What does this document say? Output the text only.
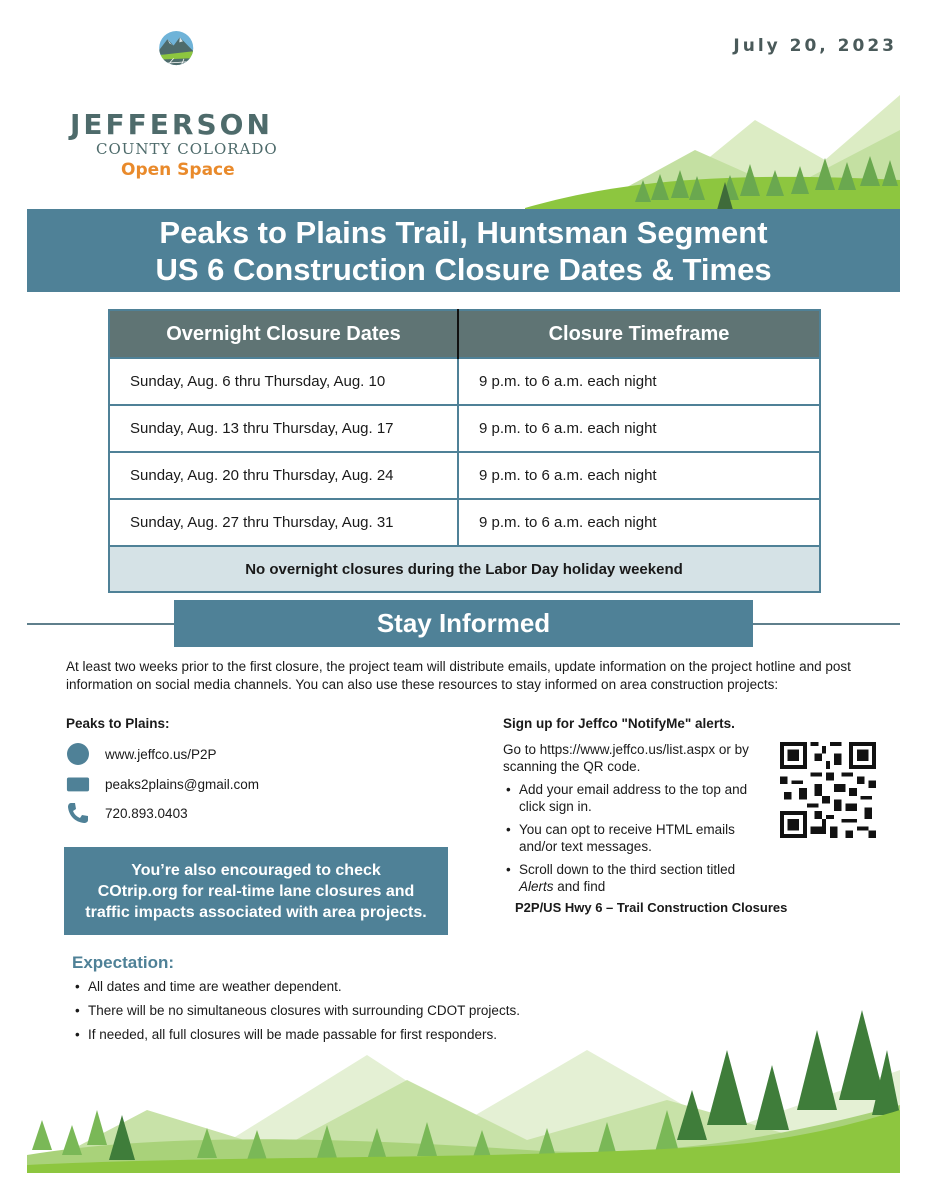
JEFFERSON
COUNTY COLORADO
Open Space
July 20, 2023
Peaks to Plains Trail, Huntsman Segment
US 6 Construction Closure Dates & Times
Overnight Closure Dates	Closure Timeframe
Sunday, Aug. 6 thru Thursday, Aug. 10	9 p.m. to 6 a.m. each night
Sunday, Aug. 13 thru Thursday, Aug. 17	9 p.m. to 6 a.m. each night
Sunday, Aug. 20 thru Thursday, Aug. 24	9 p.m. to 6 a.m. each night
Sunday, Aug. 27 thru Thursday, Aug. 31	9 p.m. to 6 a.m. each night
No overnight closures during the Labor Day holiday weekend	
Stay Informed
At least two weeks prior to the first closure, the project team will distribute emails, update information on the project hotline and post information on social media channels. You can also use these resources to stay informed on area construction projects:
Peaks to Plains:
www.jeffco.us/P2P
peaks2plains@gmail.com
720.893.0403
You’re also encouraged to check
COtrip.org for real-time lane closures and
traffic impacts associated with area projects.
Sign up for Jeffco "NotifyMe" alerts.
Go to https://www.jeffco.us/list.aspx or by scanning the QR code.
• Add your email address to the top and click sign in.
• You can opt to receive HTML emails and/or text messages.
• Scroll down to the third section titled Alerts and find
P2P/US Hwy 6 – Trail Construction Closures
Expectation:
• All dates and time are weather dependent.
• There will be no simultaneous closures with surrounding CDOT projects.
• If needed, all full closures will be made passable for first responders.
